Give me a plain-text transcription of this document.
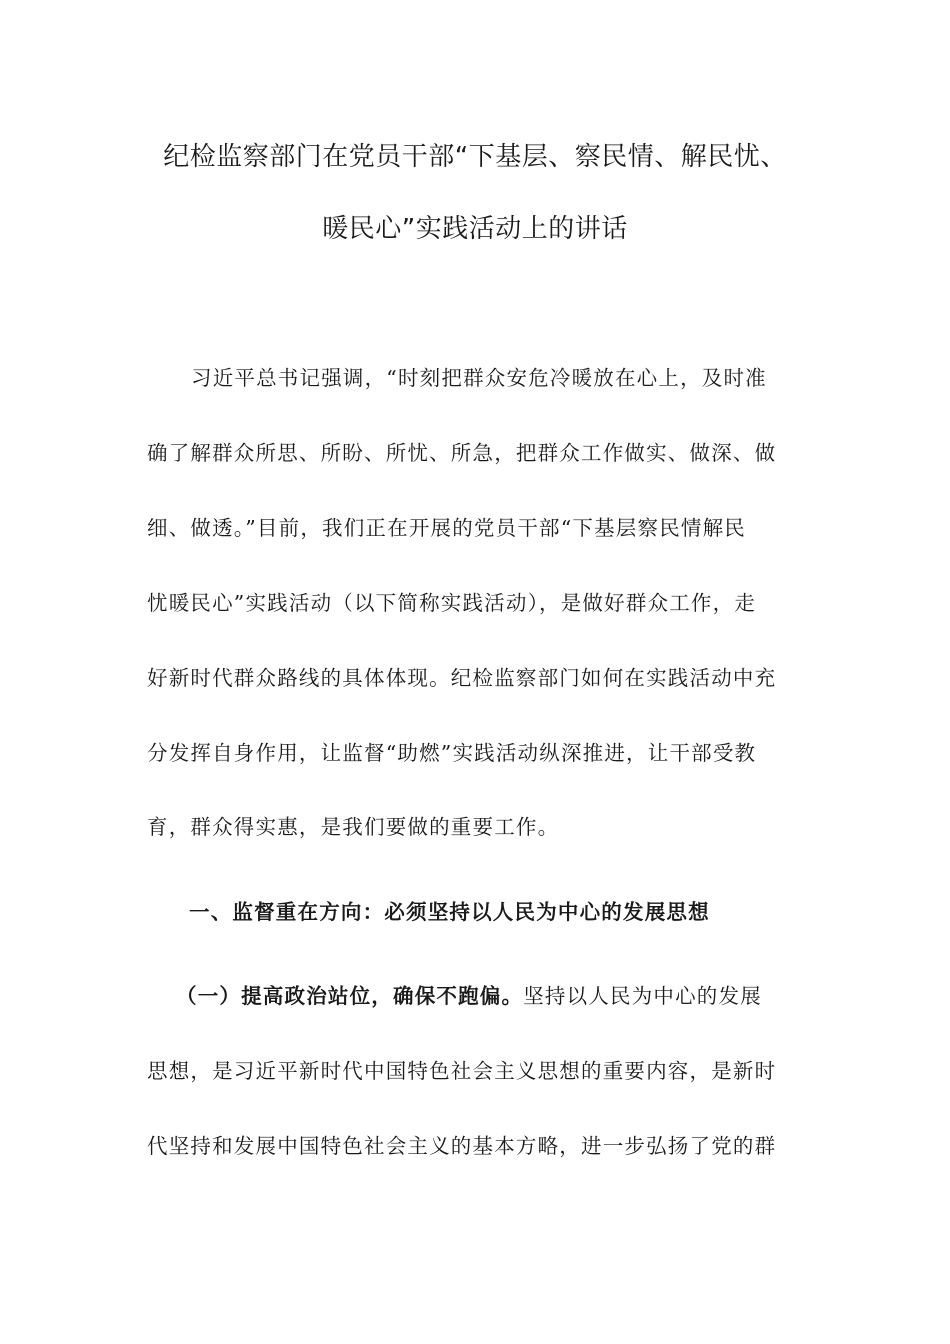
纪检监察部门在党员干部“下基层、察民情、解民忧、
暖民心”实践活动上的讲话

习近平总书记强调，“时刻把群众安危冷暖放在心上，及时准

确了解群众所思、所盼、所忧、所急，把群众工作做实、做深、做

细、做透。”目前，我们正在开展的党员干部“下基层察民情解民

忧暖民心”实践活动（以下简称实践活动），是做好群众工作，走

好新时代群众路线的具体体现。纪检监察部门如何在实践活动中充

分发挥自身作用，让监督“助燃”实践活动纵深推进，让干部受教

育，群众得实惠，是我们要做的重要工作。

一、监督重在方向：必须坚持以人民为中心的发展思想

（一）提高政治站位，确保不跑偏。坚持以人民为中心的发展

思想，是习近平新时代中国特色社会主义思想的重要内容，是新时

代坚持和发展中国特色社会主义的基本方略，进一步弘扬了党的群
